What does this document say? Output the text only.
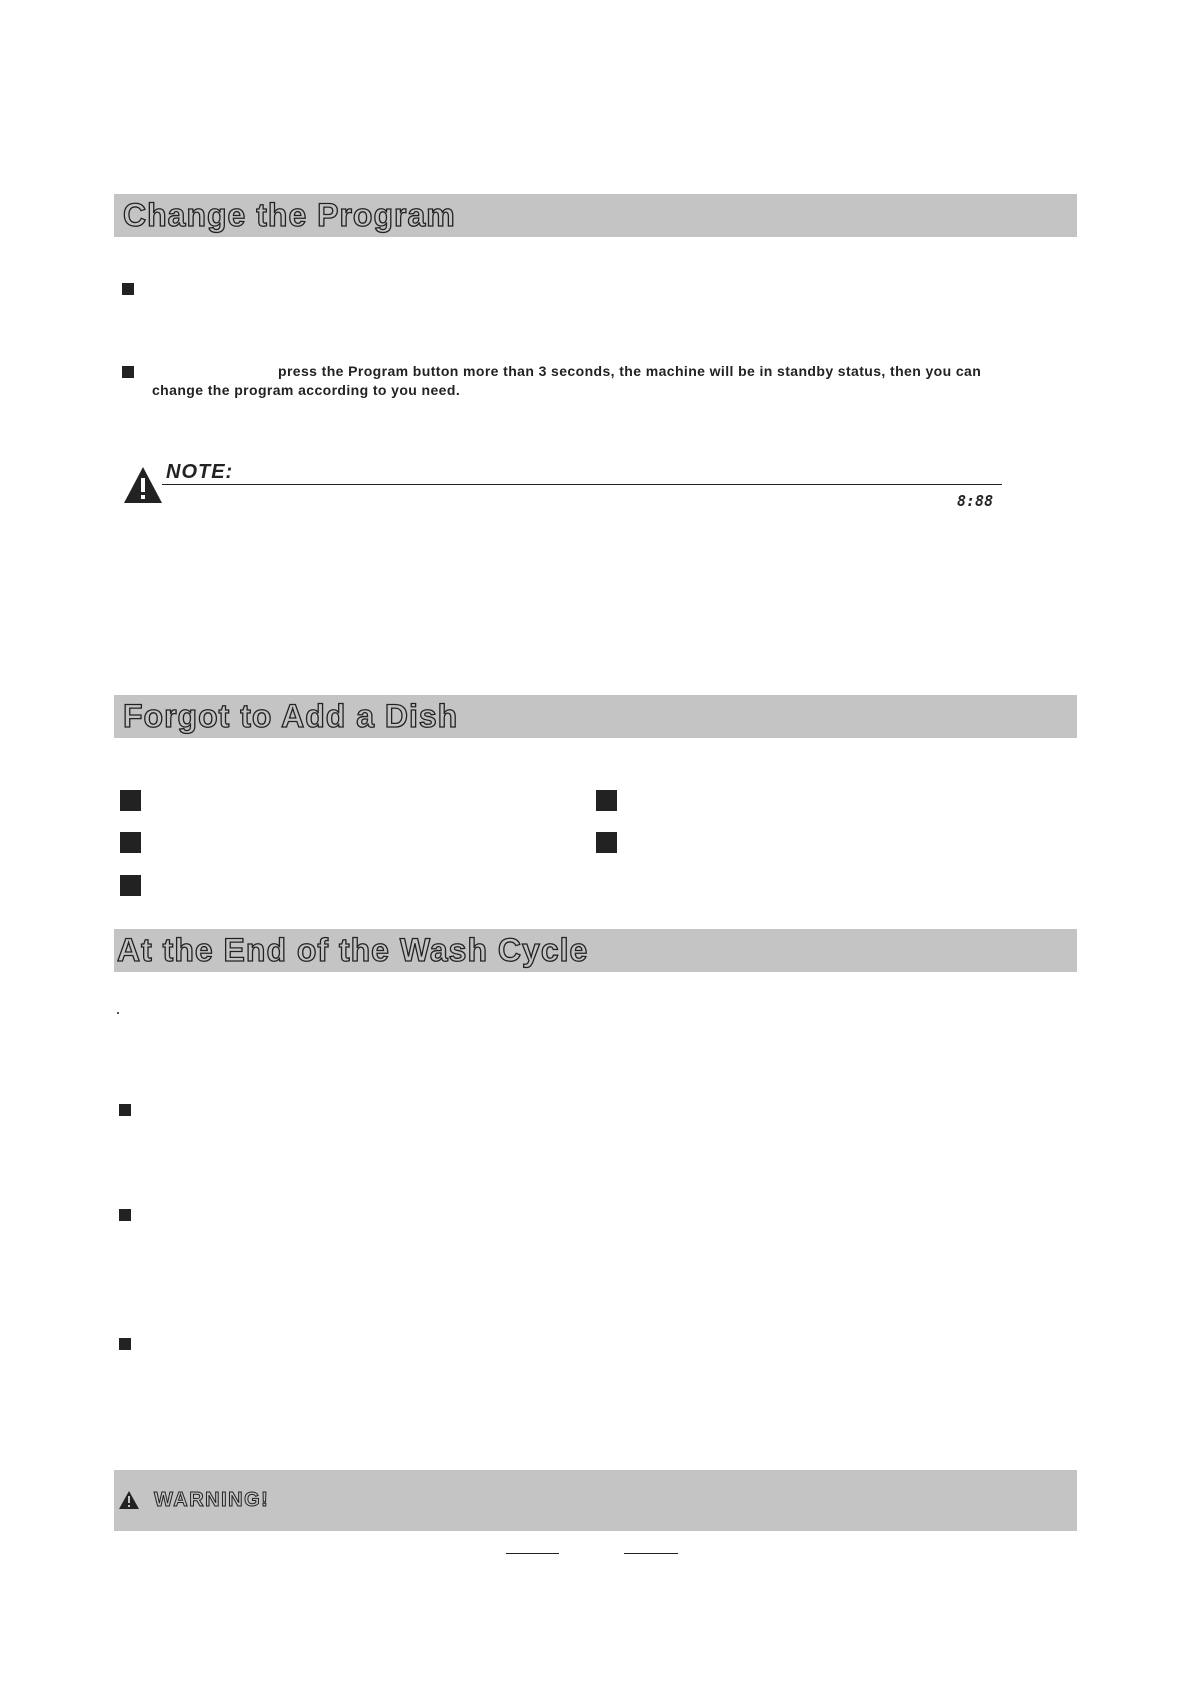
Change the Program
press the Program button more than 3 seconds, the machine will be in standby status, then you can
change the program according to you need.
NOTE:
8:88
Forgot to Add a Dish
At the End of the Wash Cycle
WARNING!
